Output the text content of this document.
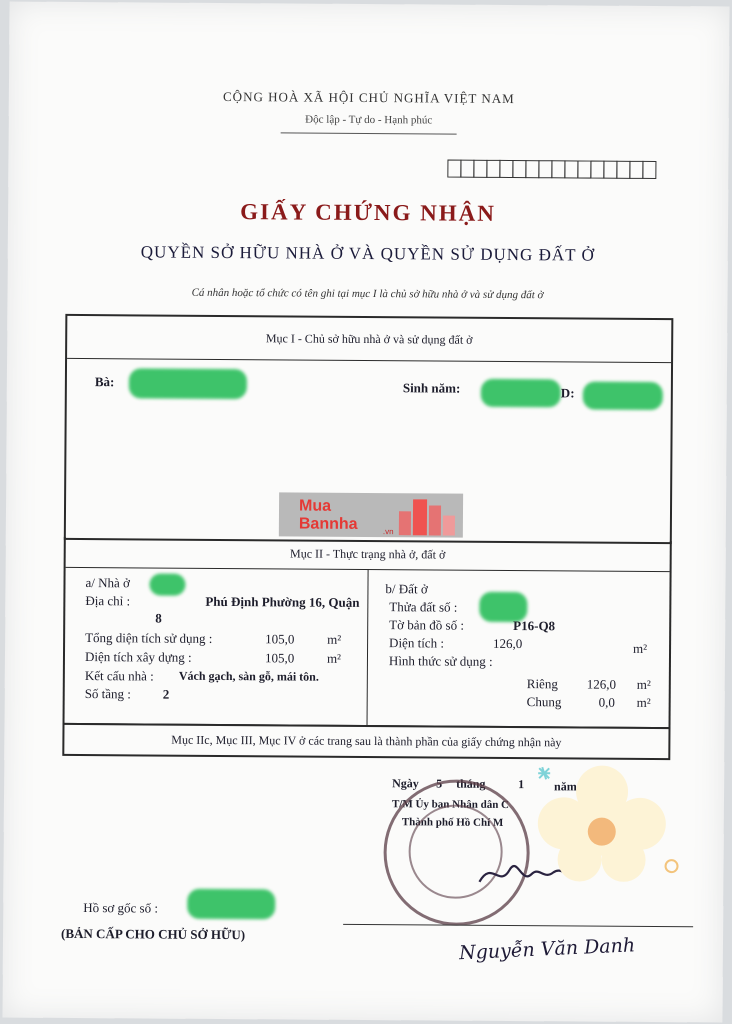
CỘNG HOÀ XÃ HỘI CHỦ NGHĨA VIỆT NAM
Độc lập - Tự do - Hạnh phúc
GIẤY CHỨNG NHẬN
QUYỀN SỞ HỮU NHÀ Ở VÀ QUYỀN SỬ DỤNG ĐẤT Ở
Cá nhân hoặc tổ chức có tên ghi tại mục I là chủ sở hữu nhà ở và sử dụng đất ở
Mục I - Chủ sở hữu nhà ở và sử dụng đất ở
Bà:	Sinh năm:	D:
Mua
Bannha	.vn
Mục II - Thực trạng nhà ở, đất ở
a/ Nhà ở
Địa chỉ :	Phú Định Phường 16, Quận
8
Tổng diện tích sử dụng :	105,0	m²
Diện tích xây dựng :	105,0	m²
Kết cấu nhà : Vách gạch, sàn gỗ, mái tôn.
Số tầng : 2
b/ Đất ở
Thửa đất số :
Tờ bản đồ số :	P16-Q8
Diện tích :	126,0	m²
Hình thức sử dụng :
Riêng 126,0 m²
Chung	0,0 m²
Mục IIc, Mục III, Mục IV ở các trang sau là thành phần của giấy chứng nhận này
Ngày 5 tháng	1 năm
T/M Ủy ban Nhân dân C
Thành phố Hồ Chí M
Nguyễn Văn Danh
Hồ sơ gốc số :
(BẢN CẤP CHO CHỦ SỞ HỮU)
